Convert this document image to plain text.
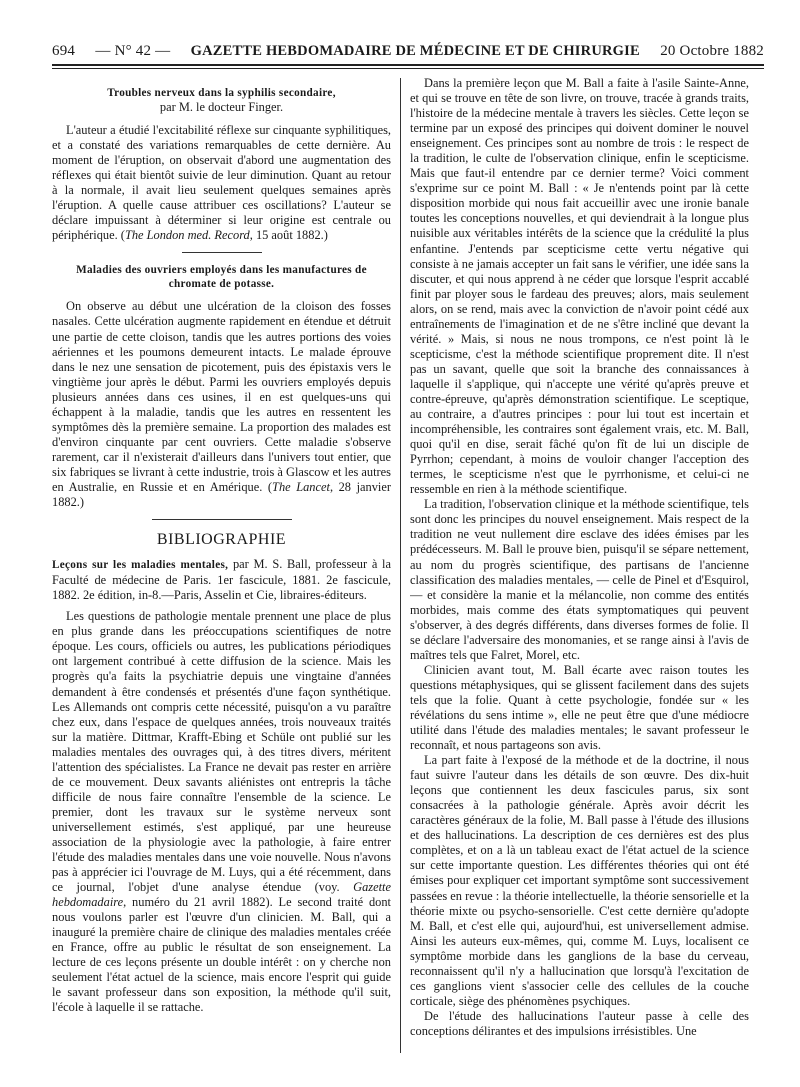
694 — N° 42 — GAZETTE HEBDOMADAIRE DE MÉDECINE ET DE CHIRURGIE 20 Octobre 1882
Troubles nerveux dans la syphilis secondaire,
par M. le docteur Finger.

L'auteur a étudié l'excitabilité réflexe sur cinquante syphilitiques, et a constaté des variations remarquables de cette dernière. Au moment de l'éruption, on observait d'abord une augmentation des réflexes qui était bientôt suivie de leur diminution. Quant au retour à la normale, il avait lieu seulement quelques semaines après l'éruption. A quelle cause attribuer ces oscillations? L'auteur se déclare impuissant à déterminer si leur origine est centrale ou périphérique. (The London med. Record, 15 août 1882.)

Maladies des ouvriers employés dans les manufactures de chromate de potasse.

On observe au début une ulcération de la cloison des fosses nasales. Cette ulcération augmente rapidement en étendue et détruit une partie de cette cloison, tandis que les autres portions des voies aériennes et les poumons demeurent intacts. Le malade éprouve dans le nez une sensation de picotement, puis des épistaxis vers le vingtième jour après le début. Parmi les ouvriers employés depuis plusieurs années dans ces usines, il en est quelques-uns qui échappent à la maladie, tandis que les autres en ressentent les symptômes dès la première semaine. La proportion des malades est d'environ cinquante par cent ouvriers. Cette maladie s'observe rarement, car il n'existerait d'ailleurs dans l'univers tout entier, que six fabriques se livrant à cette industrie, trois à Glascow et les autres en Australie, en Russie et en Amérique. (The Lancet, 28 janvier 1882.)

BIBLIOGRAPHIE

Leçons sur les maladies mentales, par M. S. Ball, professeur à la Faculté de médecine de Paris. 1er fascicule, 1881. 2e fascicule, 1882. 2e édition, in-8.—Paris, Asselin et Cie, libraires-éditeurs.

Les questions de pathologie mentale prennent une place de plus en plus grande dans les préoccupations scientifiques de notre époque. Les cours, officiels ou autres, les publications périodiques ont largement contribué à cette diffusion de la science. Mais les progrès qu'a faits la psychiatrie depuis une vingtaine d'années demandent à être condensés et présentés d'une façon synthétique. Les Allemands ont compris cette nécessité, puisqu'on a vu paraître chez eux, dans l'espace de quelques années, trois nouveaux traités sur la matière. Dittmar, Krafft-Ebing et Schüle ont publié sur les maladies mentales des ouvrages qui, à des titres divers, méritent l'attention des spécialistes. La France ne devait pas rester en arrière de ce mouvement. Deux savants aliénistes ont entrepris la tâche difficile de nous faire connaître l'ensemble de la science. Le premier, dont les travaux sur le système nerveux sont universellement estimés, s'est appliqué, par une heureuse association de la physiologie avec la pathologie, à faire entrer l'étude des maladies mentales dans une voie nouvelle. Nous n'avons pas à apprécier ici l'ouvrage de M. Luys, qui a été récemment, dans ce journal, l'objet d'une analyse étendue (voy. Gazette hebdomadaire, numéro du 21 avril 1882). Le second traité dont nous voulons parler est l'œuvre d'un clinicien. M. Ball, qui a inauguré la première chaire de clinique des maladies mentales créée en France, offre au public le résultat de son enseignement. La lecture de ces leçons présente un double intérêt : on y cherche non seulement l'état actuel de la science, mais encore l'esprit qui guide le savant professeur dans son exposition, la méthode qu'il suit, l'école à laquelle il se rattache.

Dans la première leçon que M. Ball a faite à l'asile Sainte-Anne, et qui se trouve en tête de son livre, on trouve, tracée à grands traits, l'histoire de la médecine mentale à travers les siècles. Cette leçon se termine par un exposé des principes qui doivent dominer le nouvel enseignement. Ces principes sont au nombre de trois : le respect de la tradition, le culte de l'observation clinique, enfin le scepticisme. Mais que faut-il entendre par ce dernier terme? Voici comment s'exprime sur ce point M. Ball : « Je n'entends point par là cette disposition morbide qui nous fait accueillir avec une ironie banale toutes les conceptions nouvelles, et qui deviendrait à la longue plus nuisible aux véritables intérêts de la science que la crédulité la plus enfantine. J'entends par scepticisme cette vertu négative qui consiste à ne jamais accepter un fait sans le vérifier, une idée sans la discuter, et qui nous apprend à ne céder que lorsque l'esprit accablé finit par ployer sous le fardeau des preuves; alors, mais seulement alors, on se rend, mais avec la conviction de n'avoir point cédé aux entraînements de l'imagination et de ne s'être incliné que devant la vérité. » Mais, si nous ne nous trompons, ce n'est point là le scepticisme, c'est la méthode scientifique proprement dite. Il n'est pas un savant, quelle que soit la branche des connaissances à laquelle il s'applique, qui n'accepte une vérité qu'après preuve et contre-épreuve, qu'après démonstration scientifique. Le sceptique, au contraire, a d'autres principes : pour lui tout est incertain et incompréhensible, les contraires sont également vrais, etc. M. Ball, quoi qu'il en dise, serait fâché qu'on fît de lui un disciple de Pyrrhon; cependant, à moins de vouloir changer l'acception des termes, le scepticisme n'est que le pyrrhonisme, et celui-ci ne ressemble en rien à la méthode scientifique.

La tradition, l'observation clinique et la méthode scientifique, tels sont donc les principes du nouvel enseignement. Mais respect de la tradition ne veut nullement dire esclave des idées émises par les prédécesseurs. M. Ball le prouve bien, puisqu'il se sépare nettement, au nom du progrès scientifique, des partisans de l'ancienne classification des maladies mentales, — celle de Pinel et d'Esquirol, — et considère la manie et la mélancolie, non comme des entités morbides, mais comme des états symptomatiques qui peuvent s'observer, à des degrés différents, dans diverses formes de folie. Il se déclare l'adversaire des monomanies, et se range ainsi à l'avis de maîtres tels que Falret, Morel, etc.

Clinicien avant tout, M. Ball écarte avec raison toutes les questions métaphysiques, qui se glissent facilement dans des sujets tels que la folie. Quant à cette psychologie, fondée sur « les révélations du sens intime », elle ne peut être que d'une médiocre utilité dans l'étude des maladies mentales; le savant professeur le reconnaît, et nous partageons son avis.

La part faite à l'exposé de la méthode et de la doctrine, il nous faut suivre l'auteur dans les détails de son œuvre. Des dix-huit leçons que contiennent les deux fascicules parus, six sont consacrées à la pathologie générale. Après avoir décrit les caractères généraux de la folie, M. Ball passe à l'étude des illusions et des hallucinations. La description de ces dernières est des plus complètes, et on a là un tableau exact de l'état actuel de la science sur cette importante question. Les différentes théories qui ont été émises pour expliquer cet important symptôme sont successivement passées en revue : la théorie intellectuelle, la théorie sensorielle et la théorie mixte ou psycho-sensorielle. C'est cette dernière qu'adopte M. Ball, et c'est elle qui, aujourd'hui, est universellement admise. Ainsi les auteurs eux-mêmes, qui, comme M. Luys, localisent ce symptôme morbide dans les ganglions de la base du cerveau, reconnaissent qu'il n'y a hallucination que lorsqu'à l'excitation de ces ganglions vient s'associer celle des cellules de la couche corticale, siège des phénomènes psychiques.

De l'étude des hallucinations l'auteur passe à celle des conceptions délirantes et des impulsions irrésistibles. Une
